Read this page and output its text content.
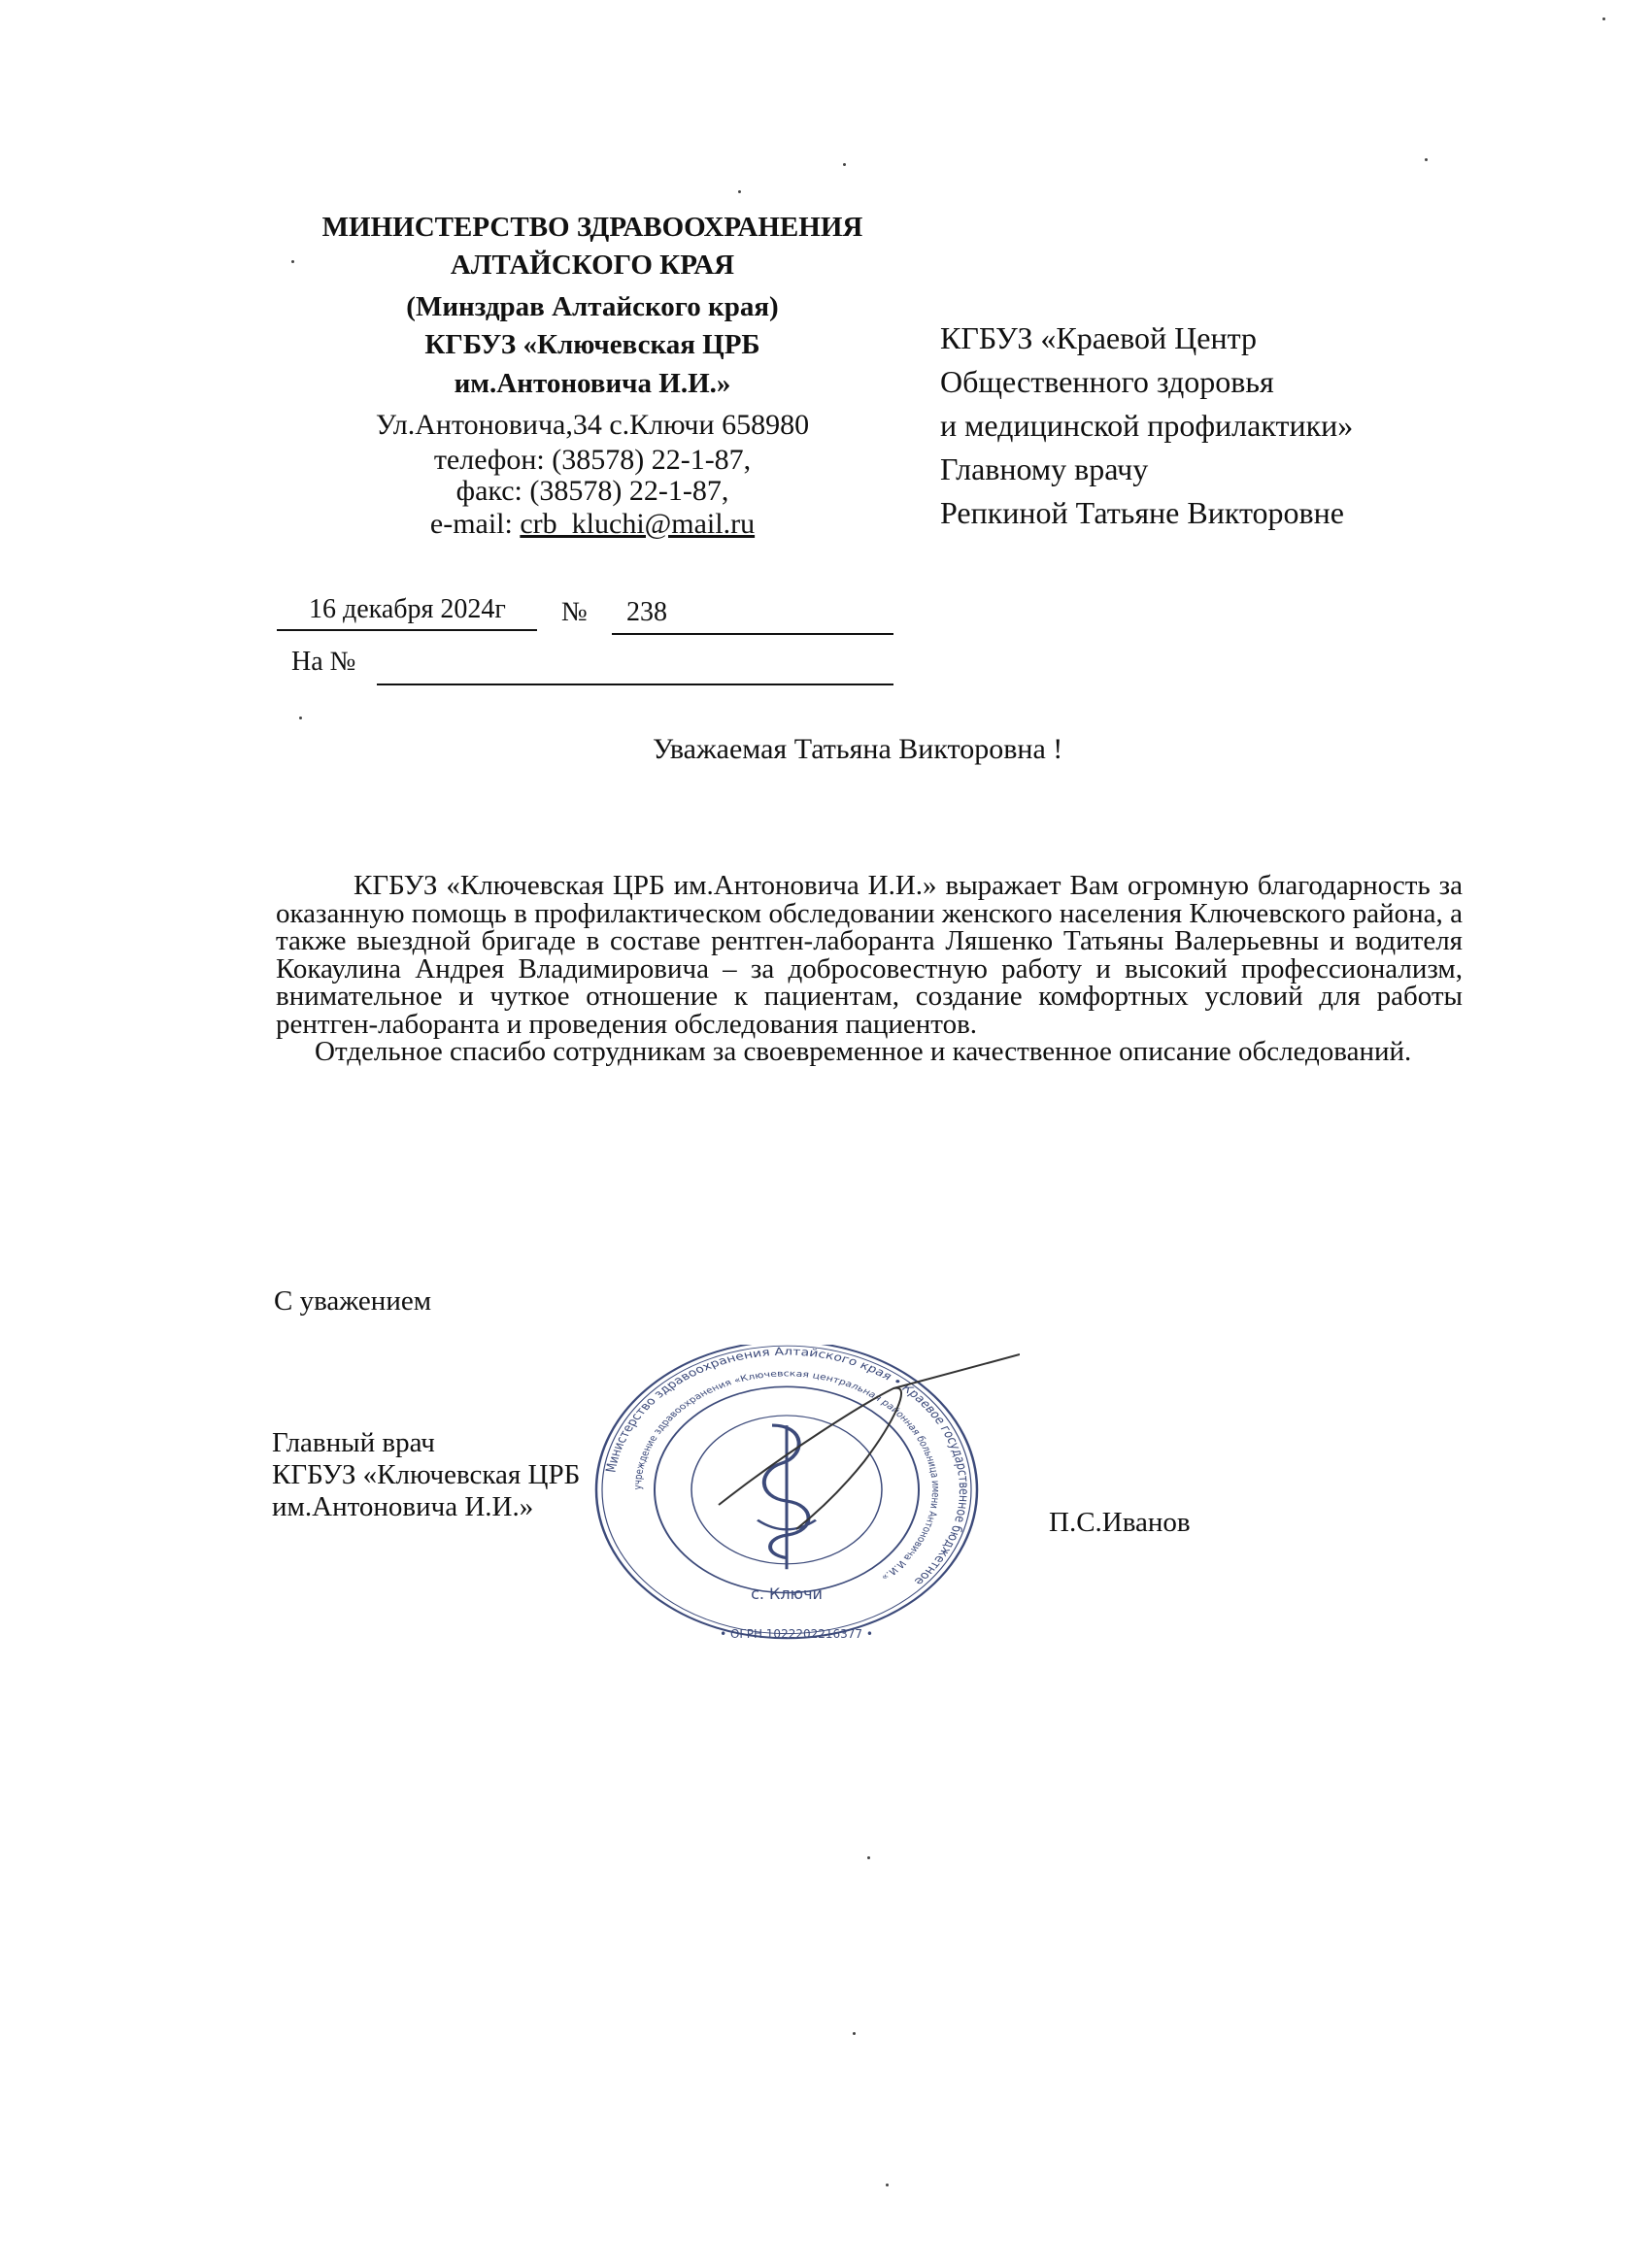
МИНИСТЕРСТВО ЗДРАВООХРАНЕНИЯ
АЛТАЙСКОГО КРАЯ
(Минздрав Алтайского края)
КГБУЗ «Ключевская ЦРБ
им.Антоновича И.И.»
Ул.Антоновича,34 с.Ключи 658980
телефон: (38578) 22-1-87,
факс: (38578) 22-1-87,
e-mail: crb_kluchi@mail.ru
КГБУЗ «Краевой Центр
Общественного здоровья
и медицинской профилактики»
Главному врачу
Репкиной Татьяне Викторовне
16 декабря 2024г № 238
На №
Уважаемая Татьяна Викторовна !

КГБУЗ «Ключевская ЦРБ им.Антоновича И.И.» выражает Вам огромную благодарность за оказанную помощь в профилактическом обследовании женского населения Ключевского района, а также выездной бригаде в составе рентген-лаборанта Ляшенко Татьяны Валерьевны и водителя Кокаулина Андрея Владимировича – за добросовестную работу и высокий профессионализм, внимательное и чуткое отношение к пациентам, создание комфортных условий для работы рентген-лаборанта и проведения обследования пациентов.

Отдельное спасибо сотрудникам за своевременное и качественное описание обследований.

С уважением
Главный врач
КГБУЗ «Ключевская ЦРБ
им.Антоновича И.И.»	П.С.Иванов
Министерство здравоохранения Алтайского края • Краевое государственное бюджетное
учреждение здравоохранения «Ключевская центральная районная больница имени Антоновича И.И.»
с. Ключи
• ОГРН 1022202216377 •
